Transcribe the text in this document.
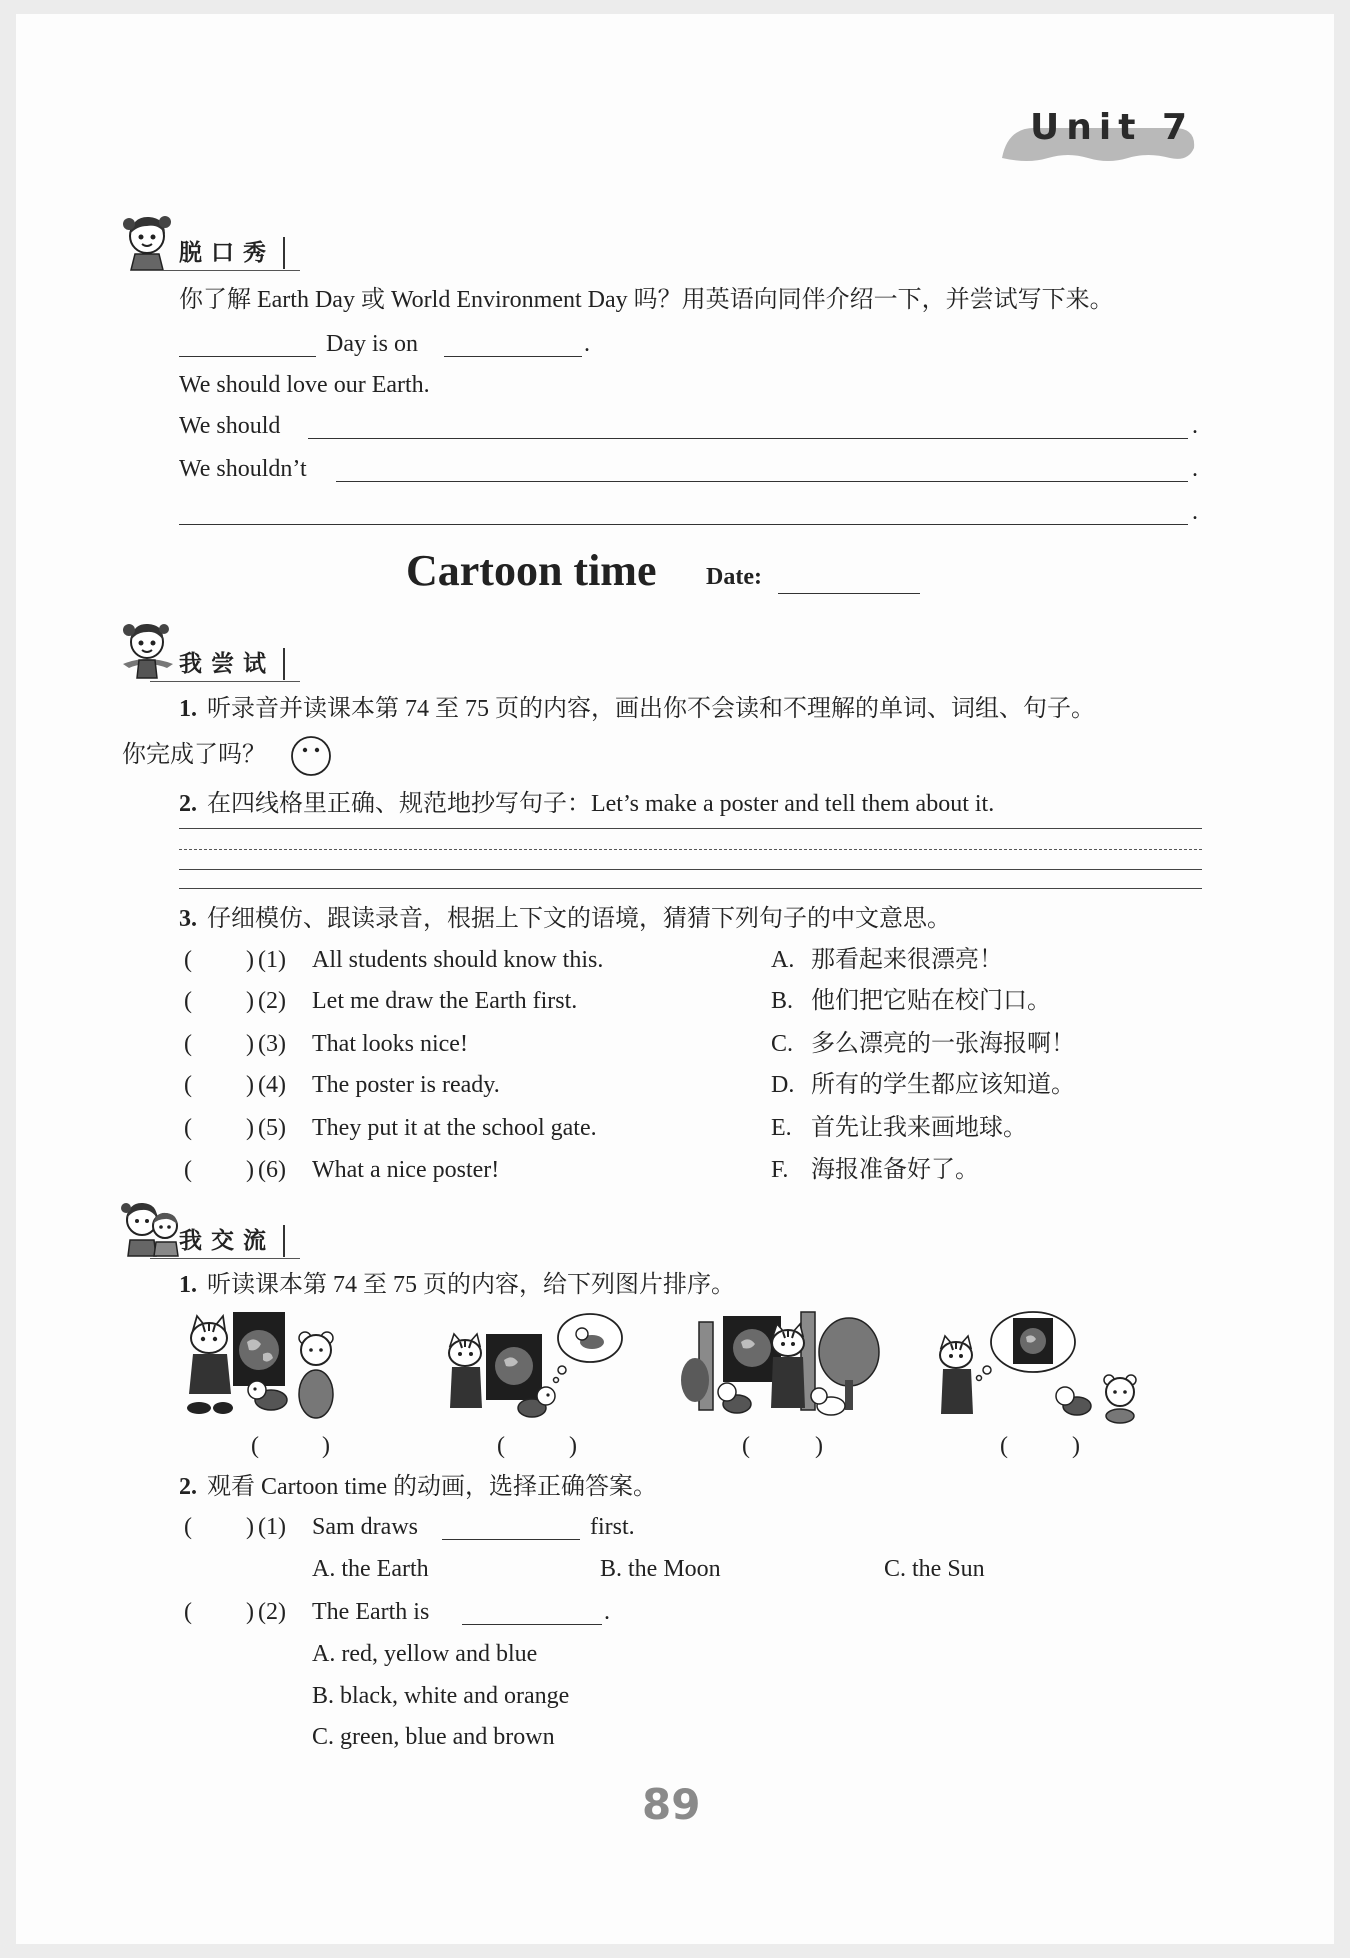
Unit 7
脱口秀
你了解 Earth Day 或 World Environment Day 吗？用英语向同伴介绍一下，并尝试写下来。
Day is on	.
We should love our Earth.
We should	.
We shouldn’t	.
.
Cartoon time Date:
我尝试
1. 听录音并读课本第 74 至 75 页的内容，画出你不会读和不理解的单词、词组、句子。
你完成了吗？
2. 在四线格里正确、规范地抄写句子：Let’s make a poster and tell them about it.
3. 仔细模仿、跟读录音，根据上下文的语境，猜猜下列句子的中文意思。
( ) (1) All students should know this.	A. 那看起来很漂亮！
( ) (2) Let me draw the Earth first.	B. 他们把它贴在校门口。
( ) (3) That looks nice!	C. 多么漂亮的一张海报啊！
( ) (4) The poster is ready.	D. 所有的学生都应该知道。
( ) (5) They put it at the school gate.	E. 首先让我来画地球。
( ) (6) What a nice poster!	F. 海报准备好了。
我交流
1. 听读课本第 74 至 75 页的内容，给下列图片排序。
(	)	(	)	(	)	(	)
2. 观看 Cartoon time 的动画，选择正确答案。
( ) (1) Sam draws	first.
A. the Earth	B. the Moon	C. the Sun
( ) (2) The Earth is	.
A. red, yellow and blue
B. black, white and orange
C. green, blue and brown
89
